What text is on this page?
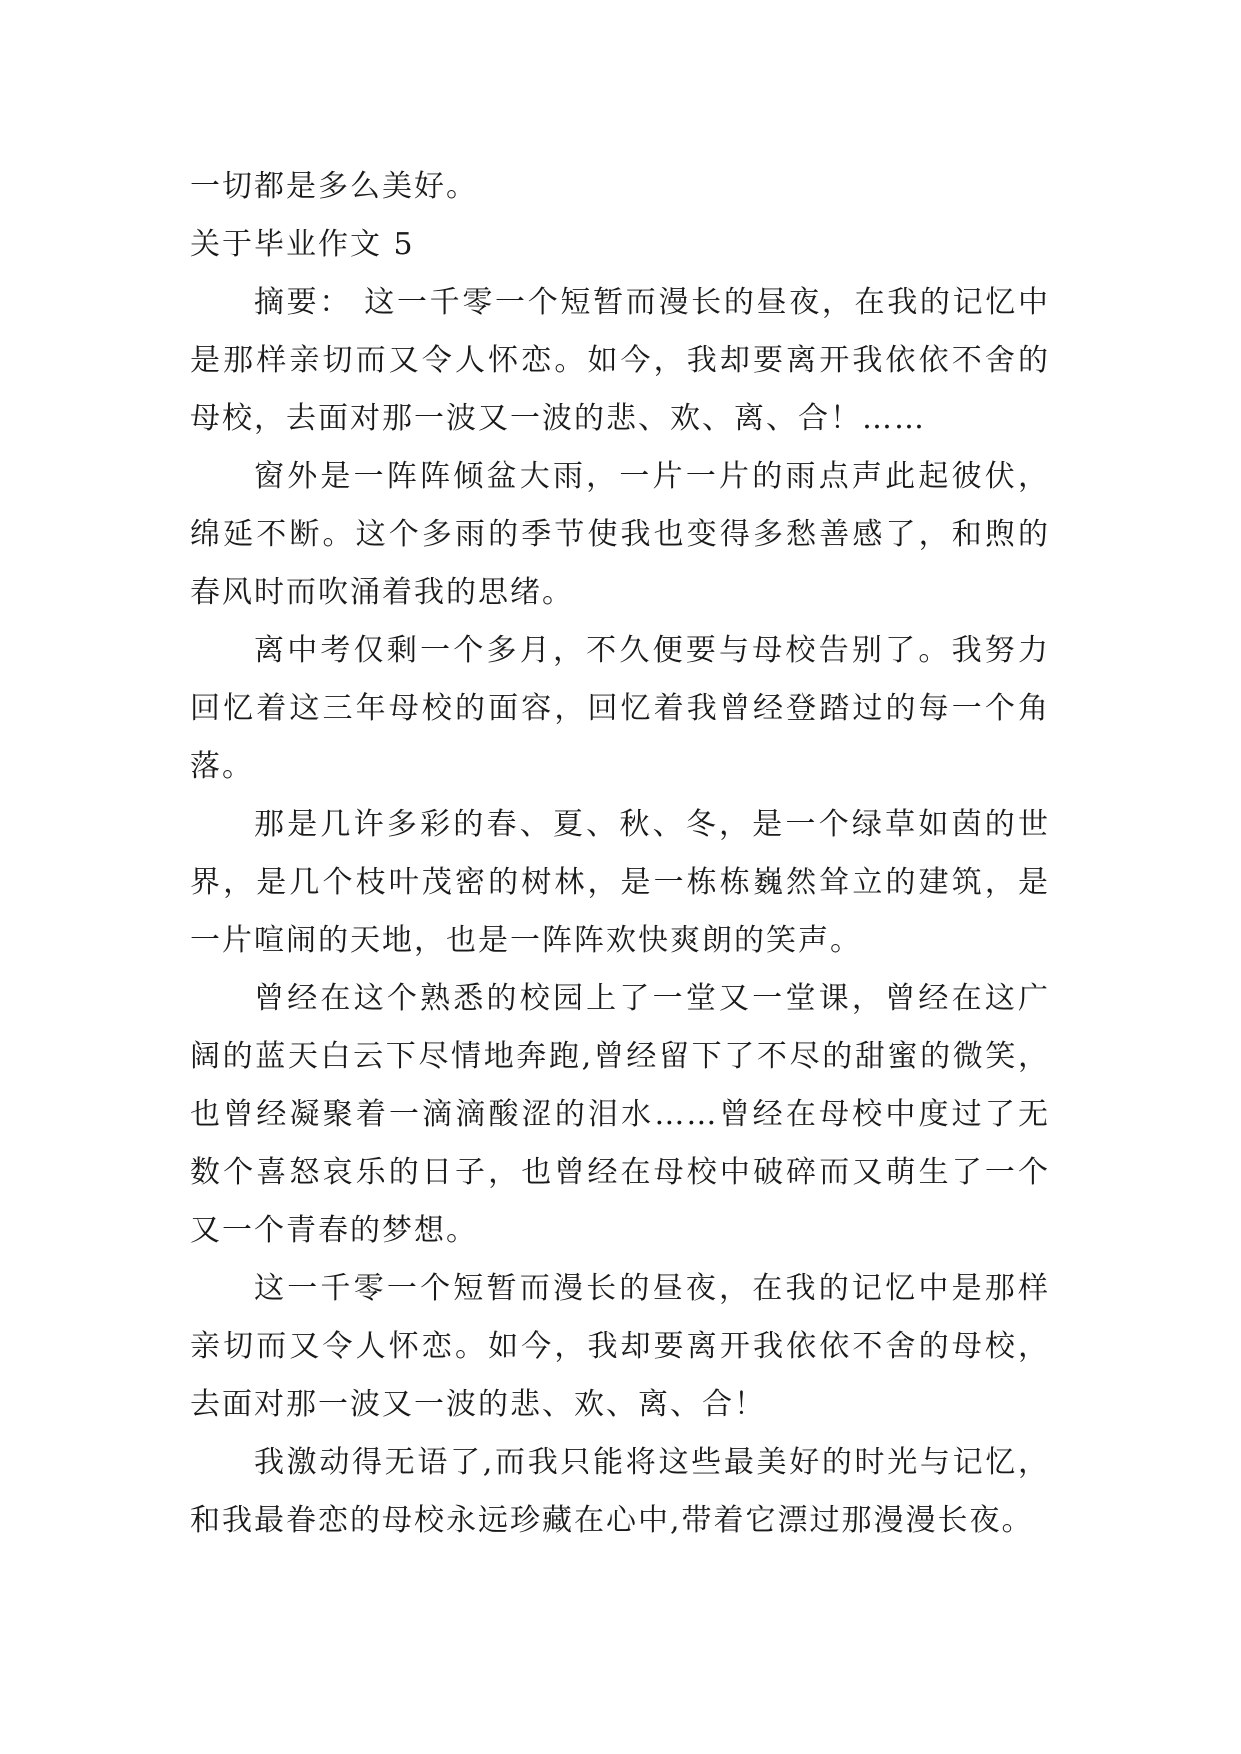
一切都是多么美好。

关于毕业作文 5

摘要： 这一千零一个短暂而漫长的昼夜，在我的记忆中是那样亲切而又令人怀恋。如今，我却要离开我依依不舍的母校，去面对那一波又一波的悲、欢、离、合！……

窗外是一阵阵倾盆大雨，一片一片的雨点声此起彼伏，绵延不断。这个多雨的季节使我也变得多愁善感了，和煦的春风时而吹涌着我的思绪。

离中考仅剩一个多月，不久便要与母校告别了。我努力回忆着这三年母校的面容，回忆着我曾经登踏过的每一个角落。

那是几许多彩的春、夏、秋、冬，是一个绿草如茵的世界，是几个枝叶茂密的树林，是一栋栋巍然耸立的建筑，是一片喧闹的天地，也是一阵阵欢快爽朗的笑声。

曾经在这个熟悉的校园上了一堂又一堂课，曾经在这广阔的蓝天白云下尽情地奔跑,曾经留下了不尽的甜蜜的微笑，也曾经凝聚着一滴滴酸涩的泪水……曾经在母校中度过了无数个喜怒哀乐的日子，也曾经在母校中破碎而又萌生了一个又一个青春的梦想。

这一千零一个短暂而漫长的昼夜，在我的记忆中是那样亲切而又令人怀恋。如今，我却要离开我依依不舍的母校，去面对那一波又一波的悲、欢、离、合！

我激动得无语了,而我只能将这些最美好的时光与记忆，和我最眷恋的母校永远珍藏在心中,带着它漂过那漫漫长夜。
